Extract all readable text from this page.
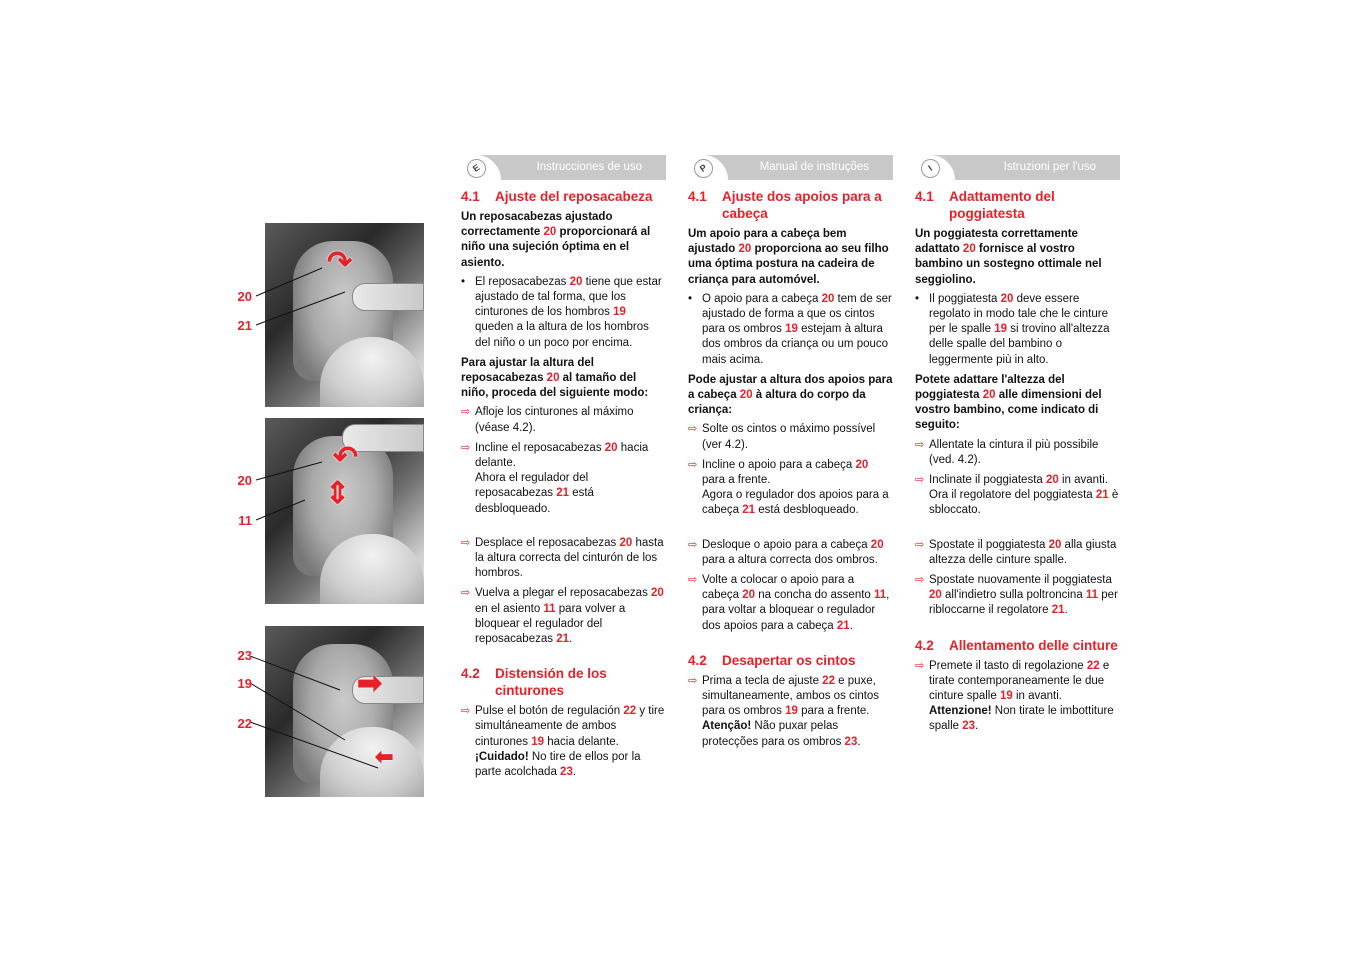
↷
↶
⇕
➡
⬅
20
21
20
11
23
19
22
E	Instrucciones de uso
4.1	Ajuste del reposacabeza

Un reposacabezas ajustado correctamente 20 proporcionará al niño una sujeción óptima en el asiento.

• El reposacabezas 20 tiene que estar ajustado de tal forma, que los cinturones de los hombros 19 queden a la altura de los hombros del niño o un poco por encima.

Para ajustar la altura del reposacabezas 20 al tamaño del niño, proceda del siguiente modo:

⇨ Afloje los cinturones al máximo (véase 4.2).
⇨ Incline el reposacabezas 20 hacia delante.
Ahora el regulador del reposacabezas 21 está desbloqueado.
⇨ Desplace el reposacabezas 20 hasta la altura correcta del cinturón de los hombros.
⇨ Vuelva a plegar el reposacabezas 20 en el asiento 11 para volver a bloquear el regulador del reposacabezas 21.
4.2	Distensión de los cinturones
⇨ Pulse el botón de regulación 22 y tire simultáneamente de ambos cinturones 19 hacia delante.
¡Cuidado! No tire de ellos por la parte acolchada 23.
P	Manual de instruções
4.1	Ajuste dos apoios para a cabeça

Um apoio para a cabeça bem ajustado 20 proporciona ao seu filho uma óptima postura na cadeira de criança para automóvel.

• O apoio para a cabeça 20 tem de ser ajustado de forma a que os cintos para os ombros 19 estejam à altura dos ombros da criança ou um pouco mais acima.

Pode ajustar a altura dos apoios para a cabeça 20 à altura do corpo da criança:

⇨ Solte os cintos o máximo possível (ver 4.2).
⇨ Incline o apoio para a cabeça 20 para a frente.
Agora o regulador dos apoios para a cabeça 21 está desbloqueado.
⇨ Desloque o apoio para a cabeça 20 para a altura correcta dos ombros.
⇨ Volte a colocar o apoio para a cabeça 20 na concha do assento 11, para voltar a bloquear o regulador dos apoios para a cabeça 21.
4.2	Desapertar os cintos
⇨ Prima a tecla de ajuste 22 e puxe, simultaneamente, ambos os cintos para os ombros 19 para a frente.
Atenção! Não puxar pelas protecções para os ombros 23.
I	Istruzioni per l'uso
4.1	Adattamento del poggiatesta

Un poggiatesta correttamente adattato 20 fornisce al vostro bambino un sostegno ottimale nel seggiolino.

• Il poggiatesta 20 deve essere regolato in modo tale che le cinture per le spalle 19 si trovino all'altezza delle spalle del bambino o leggermente più in alto.

Potete adattare l'altezza del poggiatesta 20 alle dimensioni del vostro bambino, come indicato di seguito:

⇨ Allentate la cintura il più possibile (ved. 4.2).
⇨ Inclinate il poggiatesta 20 in avanti.
Ora il regolatore del poggiatesta 21 è sbloccato.
⇨ Spostate il poggiatesta 20 alla giusta altezza delle cinture spalle.
⇨ Spostate nuovamente il poggiatesta 20 all'indietro sulla poltroncina 11 per ribloccarne il regolatore 21.
4.2	Allentamento delle cinture
⇨ Premete il tasto di regolazione 22 e tirate contemporaneamente le due cinture spalle 19 in avanti.
Attenzione! Non tirate le imbottiture spalle 23.
